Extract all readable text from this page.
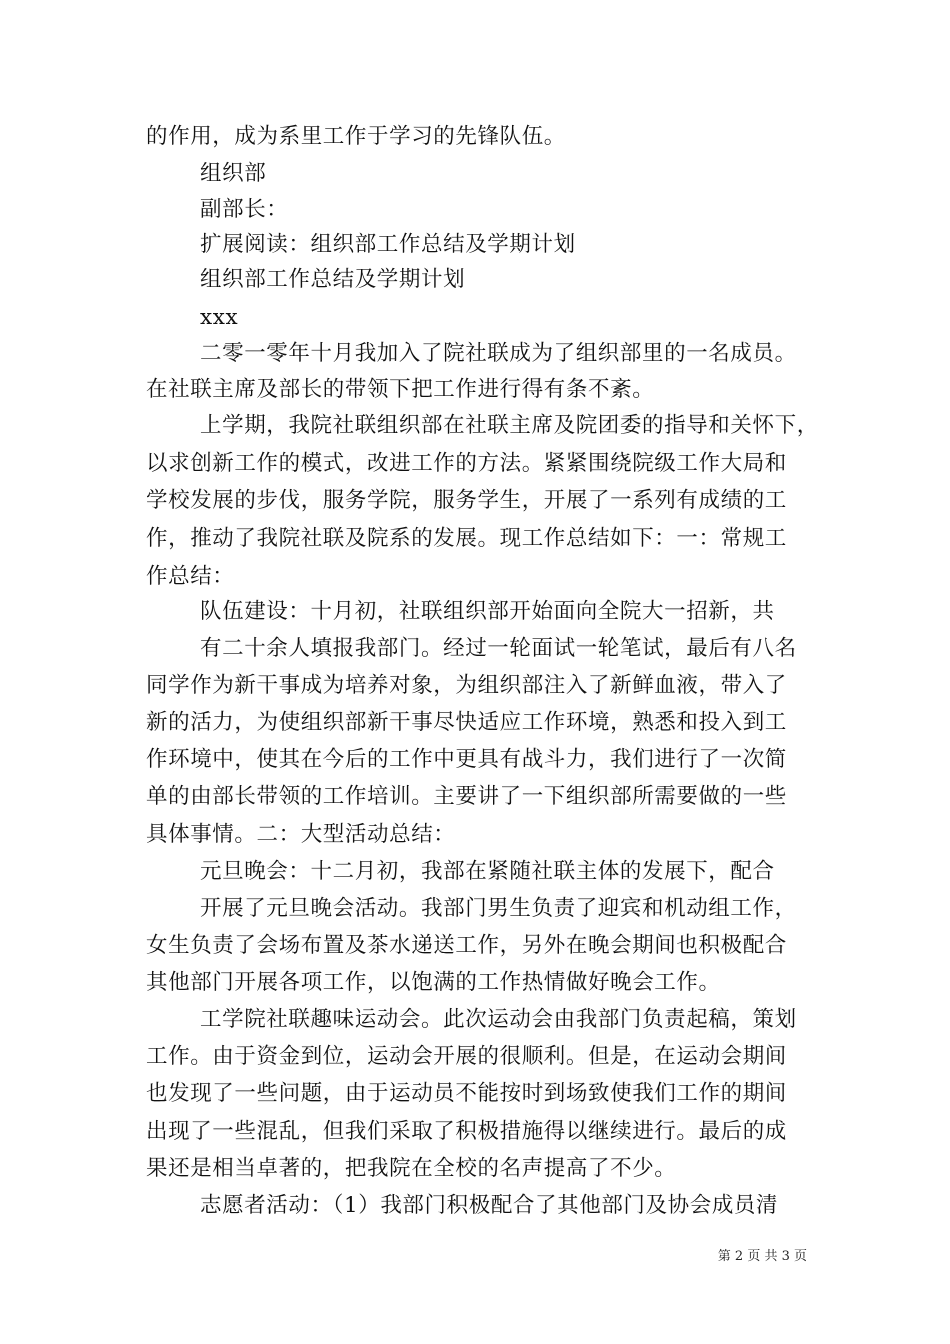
的作用，成为系里工作于学习的先锋队伍。
组织部
副部长：
扩展阅读：组织部工作总结及学期计划
组织部工作总结及学期计划
xxx
二零一零年十月我加入了院社联成为了组织部里的一名成员。
在社联主席及部长的带领下把工作进行得有条不紊。
上学期，我院社联组织部在社联主席及院团委的指导和关怀下，
以求创新工作的模式，改进工作的方法。紧紧围绕院级工作大局和
学校发展的步伐，服务学院，服务学生，开展了一系列有成绩的工
作，推动了我院社联及院系的发展。现工作总结如下：一：常规工
作总结：
队伍建设：十月初，社联组织部开始面向全院大一招新，共
有二十余人填报我部门。经过一轮面试一轮笔试，最后有八名
同学作为新干事成为培养对象，为组织部注入了新鲜血液，带入了
新的活力，为使组织部新干事尽快适应工作环境，熟悉和投入到工
作环境中，使其在今后的工作中更具有战斗力，我们进行了一次简
单的由部长带领的工作培训。主要讲了一下组织部所需要做的一些
具体事情。二：大型活动总结：
元旦晚会：十二月初，我部在紧随社联主体的发展下，配合
开展了元旦晚会活动。我部门男生负责了迎宾和机动组工作，
女生负责了会场布置及茶水递送工作，另外在晚会期间也积极配合
其他部门开展各项工作，以饱满的工作热情做好晚会工作。
工学院社联趣味运动会。此次运动会由我部门负责起稿，策划
工作。由于资金到位，运动会开展的很顺利。但是，在运动会期间
也发现了一些问题，由于运动员不能按时到场致使我们工作的期间
出现了一些混乱，但我们采取了积极措施得以继续进行。最后的成
果还是相当卓著的，把我院在全校的名声提高了不少。
志愿者活动：（1）我部门积极配合了其他部门及协会成员清
第 2 页 共 3 页
